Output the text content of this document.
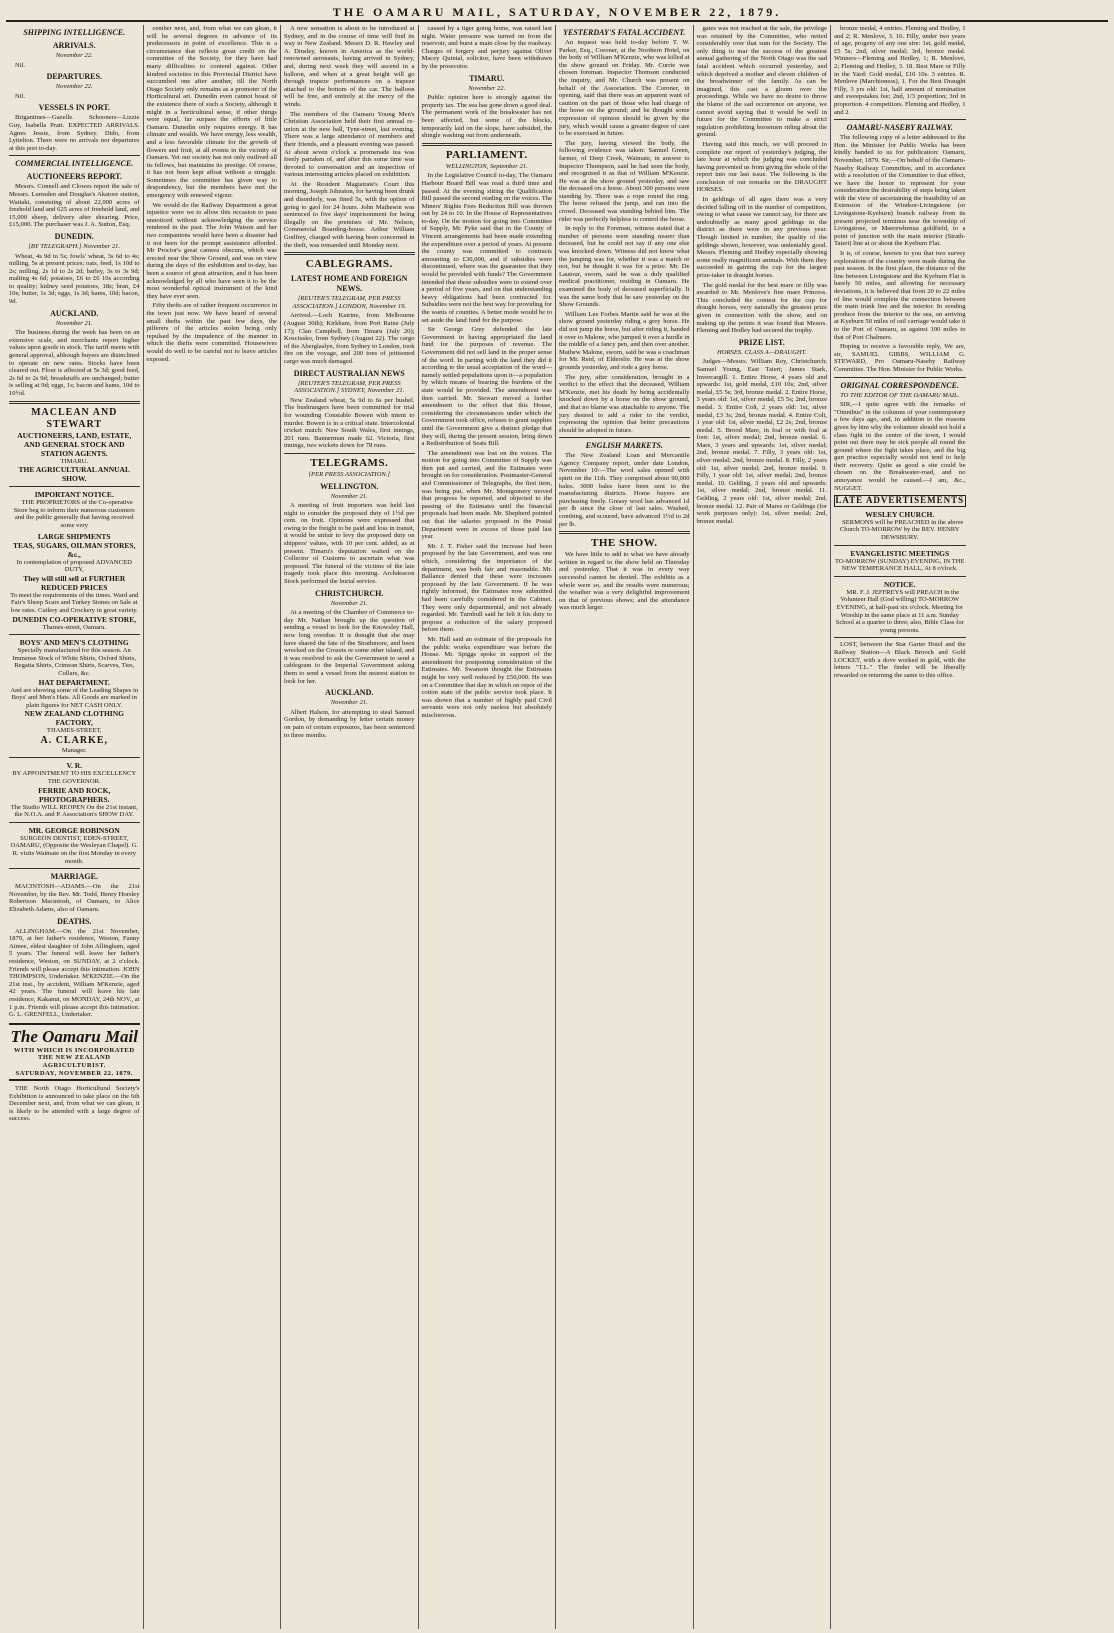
THE OAMARU MAIL, SATURDAY, NOVEMBER 22, 1879.
SHIPPING INTELLIGENCE.
ARRIVALS.
November 22.

Nil.

DEPARTURES.
November 22.

Nil.

VESSELS IN PORT.

Brigantines—Gazelle. Schooners—Lizzie Guy, Isabella Pratt. EXPECTED ARRIVALS. Agnes Jessie, from Sydney. Dido, from Lyttelton. There were no arrivals nor departures at this port to-day.

COMMERCIAL INTELLIGENCE.
AUCTIONEERS REPORT.

Messrs. Connell and Clowes report the sale of Messrs. Lumsden and Douglas's Akatore station, Waitaki, consisting of about 22,000 acres of freehold land and 625 acres of freehold land, and 15,000 sheep, delivery after shearing. Price, £15,000. The purchaser was J. A. Sutton, Esq.

DUNEDIN.
[BY TELEGRAPH.] November 21.

Wheat, 4s 9d to 5s; fowls' wheat, 3s 6d to 4s; milling, 5s at present prices; oats, feed, 1s 10d to 2s; milling, 2s 1d to 2s 2d; barley, 3s to 3s 9d; malting 4s 6d; potatoes, £6 to £6 10s according to quality; kidney seed potatoes, 18s; bran, £4 10s; butter, 1s 3d; eggs, 1s 3d; hams, 10d; bacon, 9d.

AUCKLAND.
November 21.

The business during the week has been on an extensive scale, and merchants report higher values upon goods in stock. The tariff meets with general approval, although buyers are disinclined to operate on new rates. Stocks have been cleared out. Flour is affected at 5s 3d; good feed, 2s 6d to 2s 9d; breadstuffs are unchanged; butter is selling at 9d; eggs, 1s; bacon and hams, 10d to 10½d.

MACLEAN AND STEWART
AUCTIONEERS, LAND, ESTATE, AND GENERAL STOCK AND STATION AGENTS.
TIMARU.
THE AGRICULTURAL ANNUAL SHOW.
IMPORTANT NOTICE.

THE PROPRIETORS of the Co-operative Store beg to inform their numerous customers and the public generally that having received some very

LARGE SHIPMENTS
TEAS, SUGARS, OILMAN STORES, &c.,
In contemplation of proposed ADVANCED DUTY,
They will still sell at FURTHER REDUCED PRICES
To meet the requirements of the times. Ward and Fair's Sheep Scars and Turkey Stones on Sale at low rates. Cutlery and Crockery in great variety.
DUNEDIN CO-OPERATIVE STORE,
Thames-street, Oamaru.
BOYS' AND MEN'S CLOTHING
Specially manufactured for this season. An Immense Stock of White Shirts, Oxford Shirts, Regatta Shirts, Crimean Shirts, Scarves, Ties, Collars, &c.
HAT DEPARTMENT.
And are showing some of the Leading Shapes in Boys' and Men's Hats. All Goods are marked in plain figures for NET CASH ONLY.
NEW ZEALAND CLOTHING FACTORY,
THAMES-STREET,
A. CLARKE,
Manager.
V. R.
BY APPOINTMENT TO HIS EXCELLENCY THE GOVERNOR.
FERRIE AND ROCK, PHOTOGRAPHERS.
The Studio WILL REOPEN On the 21st instant, the N.O.A. and P. Association's SHOW DAY.
MR. GEORGE ROBINSON
SURGEON DENTIST, EDEN-STREET, OAMARU, (Opposite the Wesleyan Chapel). G. R. visits Waimate on the first Monday in every month.
MARRIAGE.

MACINTOSH—ADAMS.—On the 21st November, by the Rev. Mr. Todd, Henry Horsley Robertson Macintosh, of Oamaru, to Alice Elizabeth Adams, also of Oamaru.

DEATHS.

ALLINGHAM.—On the 21st November, 1879, at her father's residence, Weston, Fanny Aimee, eldest daughter of John Allingham, aged 5 years. The funeral will leave her father's residence, Weston, on SUNDAY, at 2 o'clock. Friends will please accept this intimation. JOHN THOMPSON, Undertaker. M'KENZIE.—On the 21st inst., by accident, William M'Kenzie, aged 42 years. The funeral will leave his late residence, Kakanui, on MONDAY, 24th NOV., at 1 p.m. Friends will please accept this intimation. G. L. GRENFELL, Undertaker.

The Oamaru Mail
WITH WHICH IS INCORPORATED THE NEW ZEALAND AGRICULTURIST.
SATURDAY, NOVEMBER 22, 1879.

THE North Otago Horticultural Society's Exhibition is announced to take place on the 6th December next, and, from what we can glean, it is likely to be attended with a large degree of success.

cember next, and, from what we can glean, it will be several degrees in advance of its predecessors in point of excellence. This is a circumstance that reflects great credit on the committee of the Society, for they have had many difficulties to contend against. Other kindred societies in this Provincial District have succumbed one after another, till the North Otago Society only remains as a promoter of the Horticultural art. Dunedin even cannot boast of the existence there of such a Society, although it might in a horticultural sense, if other things were equal, far surpass the efforts of little Oamaru. Dunedin only requires energy. It has climate and wealth. We have energy, less wealth, and a less favorable climate for the growth of flowers and fruit, at all events in the vicinity of Oamaru. Yet our society has not only outlived all its fellows, but maintains its prestige. Of course, it has not been kept afloat without a struggle. Sometimes the committee has given way to despondency, but the members have met the emergency with renewed vigour.

We would do the Railway Department a great injustice were we to allow this occasion to pass unnoticed without acknowledging the service rendered in the past. The John Watson and her two companions would have been a disaster had it not been for the prompt assistance afforded. Mr Proctor's great camera obscura, which was erected near the Show Ground, and was on view during the days of the exhibition and to-day, has been a source of great attraction, and it has been acknowledged by all who have seen it to be the most wonderful optical instrument of the kind they have ever seen.

Fifty thefts are of rather frequent occurrence in the town just now. We have heard of several small thefts within the past few days, the pilferers of the articles stolen being only repulsed by the impudence of the manner in which the thefts were committed. Housewives would do well to be careful not to leave articles exposed.

A new sensation is about to be introduced at Sydney, and in the course of time will find its way to New Zealand. Messrs D. R. Hawley and A. Dinsley, known in America as the world-renowned aeronauts, having arrived in Sydney, and, during next week they will ascend in a balloon, and when at a great height will go through trapeze performances on a trapeze attached to the bottom of the car. The balloon will be free, and entirely at the mercy of the winds.

The members of the Oamaru Young Men's Christian Association held their first annual re-union at the new hall, Tyne-street, last evening. There was a large attendance of members and their friends, and a pleasant evening was passed. At about seven o'clock a promenade tea was freely partaken of, and after this some time was devoted to conversation and an inspection of various interesting articles placed on exhibition.

At the Resident Magistrate's Court this morning, Joseph Johnston, for having been drunk and disorderly, was fined 5s, with the option of going to gaol for 24 hours. John Matheson was sentenced to five days' imprisonment for being illegally on the premises of Mr. Nelson, Commercial Boarding-house. Arthur William Godfrey, charged with having been concerned in the theft, was remanded until Monday next.

CABLEGRAMS.
LATEST HOME AND FOREIGN NEWS.
[REUTER'S TELEGRAM, PER PRESS ASSOCIATION.] LONDON, November 19.

Arrived.—Loch Katrine, from Melbourne (August 30th); Kirkham, from Port Raine (July 17); Clan Campbell, from Timaru (July 20); Kosciusko, from Sydney (August 22). The cargo of the Aberglaslyn, from Sydney to London, took fire on the voyage, and 200 tons of jettisoned cargo was much damaged.

DIRECT AUSTRALIAN NEWS
[REUTER'S TELEGRAM, PER PRESS ASSOCIATION.] SYDNEY, November 21.

New Zealand wheat, 5s 9d to 6s per bushel. The bushrangers have been committed for trial for wounding Constable Bowen with intent to murder. Bowen is in a critical state. Intercolonial cricket match: New South Wales, first innings, 201 runs. Bannerman made 62. Victoria, first innings, two wickets down for 78 runs.

TELEGRAMS.
[PER PRESS ASSOCIATION.]
WELLINGTON.
November 21.

A meeting of fruit importers was held last night to consider the proposed duty of 1½d per cent. on fruit. Opinions were expressed that owing to the freight to be paid and loss in transit, it would be unfair to levy the proposed duty on shippers' values, with 10 per cent. added, as at present. Timaru's deputation waited on the Collector of Customs to ascertain what was proposed. The funeral of the victims of the late tragedy took place this morning. Archdeacon Stock performed the burial service.

CHRISTCHURCH.
November 21.

At a meeting of the Chamber of Commerce to-day Mr. Nathan brought up the question of sending a vessel to look for the Knowsley Hall, now long overdue. It is thought that she may have shared the fate of the Strathmore, and been wrecked on the Crozets or some other island, and it was resolved to ask the Government to send a cablegram to the Imperial Government asking them to send a vessel from the nearest station to look for her.

AUCKLAND.
November 21.

Albert Halson, for attempting to steal Samuel Gordon, by demanding by letter certain money on pain of certain exposures, has been sentenced to three months.

caused by a tiger going home, was raised last night. Water pressure was turned on from the reservoir, and burst a main close by the roadway. Charges of forgery and perjury against Oliver Macey Quintal, solicitor, have been withdrawn by the prosecutor.

TIMARU.
November 22.

Public opinion here is strongly against the property tax. The sea has gone down a good deal. The permanent work of the breakwater has not been affected, but some of the blocks, temporarily laid on the slope, have subsided, the shingle washing out from underneath.

PARLIAMENT.
WELLINGTON, September 21.

In the Legislative Council to-day, The Oamaru Harbour Board Bill was read a third time and passed. At the evening sitting the Qualification Bill passed the second reading on the voices. The Miners' Rights Fees Reduction Bill was thrown out by 24 to 10. In the House of Representatives to-day, On the motion for going into Committee of Supply, Mr. Pyke said that in the County of Vincent arrangements had been made extending the expenditure over a period of years. At present the county was committed to contracts amounting to £30,000, and if subsidies were discontinued, where was the guarantee that they would be provided with funds? The Government intended that these subsidies were to extend over a period of five years, and on that understanding heavy obligations had been contracted for. Subsidies were not the best way for providing for the wants of counties. A better mode would be to set aside the land fund for the purpose.

Sir George Grey defended the late Government in having appropriated the land fund for the purposes of revenue. The Government did not sell land in the proper sense of the word. In parting with the land they did it according to the usual acceptation of the word—namely settled populations upon it—a population by which means of bearing the burdens of the state would be provided. The amendment was then carried. Mr. Stewart moved a further amendment to the effect that this House, considering the circumstances under which the Government took office, refuses to grant supplies until the Government give a distinct pledge that they will, during the present session, bring down a Redistribution of Seats Bill.

The amendment was lost on the voices. The motion for going into Committee of Supply was then put and carried, and the Estimates were brought on for consideration. Postmaster-General and Commissioner of Telegraphs, the first item, was being put, when Mr. Montgomery moved that progress be reported, and objected to the passing of the Estimates until the financial proposals had been made. Mr. Shepherd pointed out that the salaries proposed in the Postal Department were in excess of those paid last year.

Mr. J. T. Fisher said the increase had been proposed by the late Government, and was one which, considering the importance of the department, was both fair and reasonable. Mr. Ballance denied that these were increases proposed by the late Government. If he was rightly informed, the Estimates now submitted had been carefully considered in the Cabinet. They were only departmental, and not already regarded. Mr. Turnbull said he felt it his duty to propose a reduction of the salary proposed before them.

Mr. Hall said an estimate of the proposals for the public works expenditure was before the House. Mr. Spiggs spoke in support of the amendment for postponing consideration of the Estimates. Mr. Swanson thought the Estimates might be very well reduced by £50,000. He was on a Committee that day in which on repor of the cotton state of the public service took place. It was shown that a number of highly paid Civil servants were not only useless but absolutely mischievous.

YESTERDAY'S FATAL ACCIDENT.

An inquest was held to-day before T. W. Parker, Esq., Coroner, at the Northern Hotel, on the body of William M'Kenzie, who was killed at the show ground on Friday. Mr. Currie was chosen foreman. Inspector Thomson conducted the inquiry, and Mr. Church was present on behalf of the Association. The Coroner, in opening, said that there was an apparent want of caution on the part of those who had charge of the horse on the ground; and he thought some expression of opinion should be given by the jury, which would cause a greater degree of care to be exercised in future.

The jury, having viewed the body, the following evidence was taken: Samuel Green, farmer, of Deep Creek, Waimate, in answer to Inspector Thompson, said he had seen the body, and recognised it as that of William M'Kenzie. He was at the show ground yesterday, and saw the deceased on a horse. About 300 persons were standing by. There was a rope round the ring. The horse refused the jump, and ran into the crowd. Deceased was standing behind him. The rider was perfectly helpless to control the horse.

In reply to the Foreman, witness stated that a number of persons were standing nearer than deceased, but he could not say if any one else was knocked down. Witness did not know what the jumping was for, whether it was a match or not, but he thought it was for a prize. Mr. De Lautour, sworn, said he was a duly qualified medical practitioner, residing in Oamaru. He examined the body of deceased superficially. It was the same body that he saw yesterday on the Show Grounds.

William Lee Forbes Martin said he was at the show ground yesterday riding a grey horse. He did not jump the horse, but after riding it, handed it over to Malone, who jumped it over a hurdle in the middle of a fancy pen, and then over another. Mathew Malone, sworn, said he was a coachman for Mr. Reid, of Elderslie. He was at the show grounds yesterday, and rode a grey horse.

The jury, after consideration, brought in a verdict to the effect that the deceased, William M'Kenzie, met his death by being accidentally knocked down by a horse on the show ground, and that no blame was attachable to anyone. The jury desired to add a rider to the verdict, expressing the opinion that better precautions should be adopted in future.

ENGLISH MARKETS.

The New Zealand Loan and Mercantile Agency Company report, under date London, November 10:—The wool sales opened with spirit on the 11th. They comprised about 90,000 bales. 3000 bales have been sent to the manufacturing districts. Home buyers are purchasing freely. Greasy wool has advanced 1d per lb since the close of last sales. Washed, combing, and scoured, have advanced 1½d to 2d per lb.

THE SHOW.

We have little to add to what we have already written in regard to the show held on Thursday and yesterday. That it was in every way successful cannot be denied. The exhibits as a whole were so, and the results were numerous; the weather was a very delightful improvement on that of previous shows; and the attendance was much larger.

gates was not reached at the sale, the privilege was retained by the Committee, who netted considerably over that sum for the Society. The only thing to mar the success of the greatest annual gathering of the North Otago was the sad fatal accident which occurred yesterday, and which deprived a mother and eleven children of the breadwinner of the family. As can be imagined, this cast a gloom over the proceedings. While we have no desire to throw the blame of the sad occurrence on anyone, we cannot avoid saying that it would be well in future for the Committee to make a strict regulation prohibiting horsemen riding about the ground.

Having said this much, we will proceed to complete our report of yesterday's judging, the late hour at which the judging was concluded having prevented us from giving the whole of the report into our last issue. The following is the conclusion of our remarks on the DRAUGHT HORSES.

In geldings of all ages there was a very decided falling off in the number of competitors, owing to what cause we cannot say, for there are undoubtedly as many good geldings in the district as there were in any previous year. Though limited in number, the quality of the geldings shown, however, was undeniably good. Messrs. Fleming and Hedley especially showing some really magnificent animals. With them they succeeded in gaining the cup for the largest prize-taker in draught horses.

The gold medal for the best mare or filly was awarded to Mr. Menlove's fine mare Princess. This concluded the contest for the cup for draught horses, very naturally the greatest prize given in connection with the show, and on making up the points it was found that Messrs. Fleming and Hedley had secured the trophy.

PRIZE LIST.
HORSES. CLASS A—DRAUGHT.

Judges—Messrs. William Roy, Christchurch; Samuel Young, East Taieri; James Stark, Invercargill. 1. Entire Horse, 4 years old and upwards: 1st, gold medal, £10 10s; 2nd, silver medal, £5 5s; 3rd, bronze medal. 2. Entire Horse, 3 years old: 1st, silver medal, £5 5s; 2nd, bronze medal. 3. Entire Colt, 2 years old: 1st, silver medal, £3 3s; 2nd, bronze medal. 4. Entire Colt, 1 year old: 1st, silver medal, £2 2s; 2nd, bronze medal. 5. Brood Mare, in foal or with foal at foot: 1st, silver medal; 2nd, bronze medal. 6. Mare, 3 years and upwards: 1st, silver medal; 2nd, bronze medal. 7. Filly, 3 years old: 1st, silver medal; 2nd, bronze medal. 8. Filly, 2 years old: 1st, silver medal; 2nd, bronze medal. 9. Filly, 1 year old: 1st, silver medal; 2nd, bronze medal. 10. Gelding, 3 years old and upwards: 1st, silver medal; 2nd, bronze medal. 11. Gelding, 2 years old: 1st, silver medal; 2nd, bronze medal. 12. Pair of Mares or Geldings (for work purposes only): 1st, silver medal; 2nd, bronze medal.

bronze medal, 4 entries. Fleming and Hedley, 1 and 2; R. Menlove, 3. 16. Filly, under two years of age, progeny of any one sire: 1st, gold medal, £5 5s; 2nd, silver medal; 3rd, bronze medal. Winners—Fleming and Hedley, 1; R. Menlove, 2; Fleming and Hedley, 3. 18. Best Mare or Filly in the Yard: Gold medal, £10 10s. 3 entries. R. Menlove (Marchioness), 1. For the Best Draught Filly, 3 yrs old: 1st, half amount of nomination and sweepstakes fee; 2nd, 1/3 proportion; 3rd in proportion. 4 competitors. Fleming and Hedley, 1 and 2.

OAMARU-NASEBY RAILWAY.

The following copy of a letter addressed to the Hon. the Minister for Public Works has been kindly handed to us for publication: Oamaru, November, 1879. Sir,—On behalf of the Oamaru-Naseby Railway Committee, and in accordance with a resolution of the Committee to that effect, we have the honor to represent for your consideration the desirability of steps being taken with the view of ascertaining the feasibility of an Extension of the Windsor-Livingstone (or Livingstone-Kyeburn) branch railway from its present projected terminus near the township of Livingstone, or Maerewhenua goldfield, to a point of junction with the main interior (Strath-Taieri) line at or about the Kyeburn Flat.

It is, of course, known to you that two survey explorations of the country were made during the past season. In the first place, the distance of the line between Livingstone and the Kyeburn Flat is barely 50 miles, and allowing for necessary deviations, it is believed that from 20 to 22 miles of line would complete the connection between the main trunk line and the interior. In sending produce from the interior to the sea, on arriving at Kyeburn 50 miles of rail carriage would take it to the Port of Oamaru, as against 100 miles to that of Port Chalmers.

Hoping to receive a favorable reply, We are, sir, SAMUEL GIBBS, WILLIAM G. STEWARD, Pro Oamaru-Naseby Railway Committee. The Hon. Minister for Public Works.

ORIGINAL CORRESPONDENCE.
TO THE EDITOR OF THE OAMARU MAIL.

SIR,—I quite agree with the remarks of "Omnibus" in the columns of your contemporary a few days ago, and, in addition to the reasons given by him why the volunteer should not hold a class fight in the centre of the town, I would point out there may be sick people all round the ground where the fight takes place, and the big gun practice especially would not tend to help their recovery. Quite as good a site could be chosen on the Breakwater-road, and no annoyance would be caused.—I am, &c., NUGGET.

LATE ADVERTISEMENTS
WESLEY CHURCH.

SERMONS will be PREACHED in the above Church TO-MORROW by the REV. HENRY DEWSBURY.

EVANGELISTIC MEETINGS
TO-MORROW (SUNDAY) EVENING, IN THE NEW TEMPERANCE HALL, At 8 o'clock.
NOTICE.

MR. F. J. JEFFREYS will PREACH in the Volunteer Hall (God willing) TO-MORROW EVENING, at half-past six o'clock. Meeting for Worship in the same place at 11 a.m. Sunday School at a quarter to three; also, Bible Class for young persons.

LOST, between the Star Garter Hotel and the Railway Station—A Black Brooch and Gold LOCKET, with a dove worked in gold, with the letters "T.L." The finder will be liberally rewarded on returning the same to this office.
